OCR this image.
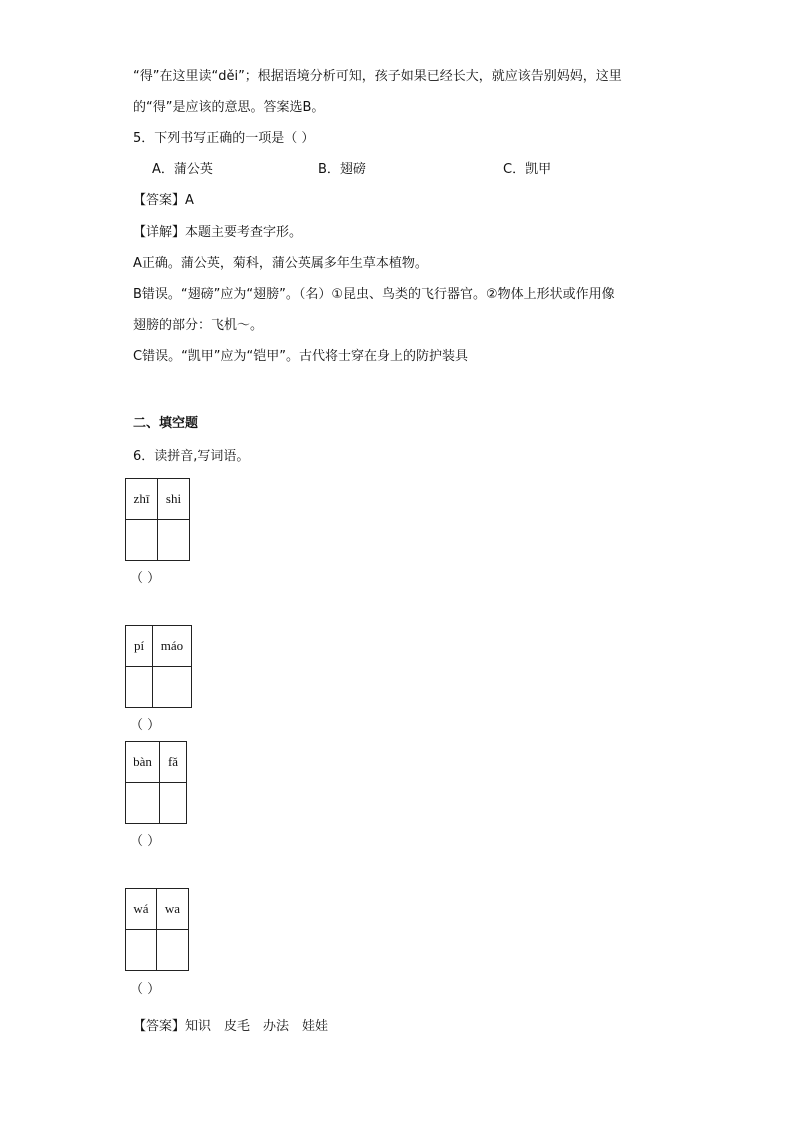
“得”在这里读“děi”；根据语境分析可知，孩子如果已经长大，就应该告别妈妈，这里
的“得”是应该的意思。答案选B。
5．下列书写正确的一项是（ ）
A．蒲公英	B．翅磅	C．凯甲
【答案】A
【详解】本题主要考查字形。
A正确。蒲公英，菊科，蒲公英属多年生草本植物。
B错误。“翅磅”应为“翅膀”。（名）①昆虫、鸟类的飞行器官。②物体上形状或作用像
翅膀的部分：飞机～。
C错误。“凯甲”应为“铠甲”。古代将士穿在身上的防护装具
二、填空题
6．读拼音,写词语。
zhī	shi

（ ）
pí	máo

（ ）
bàn	fǎ

（ ）
wá	wa

（ ）
【答案】知识　皮毛　办法　娃娃
